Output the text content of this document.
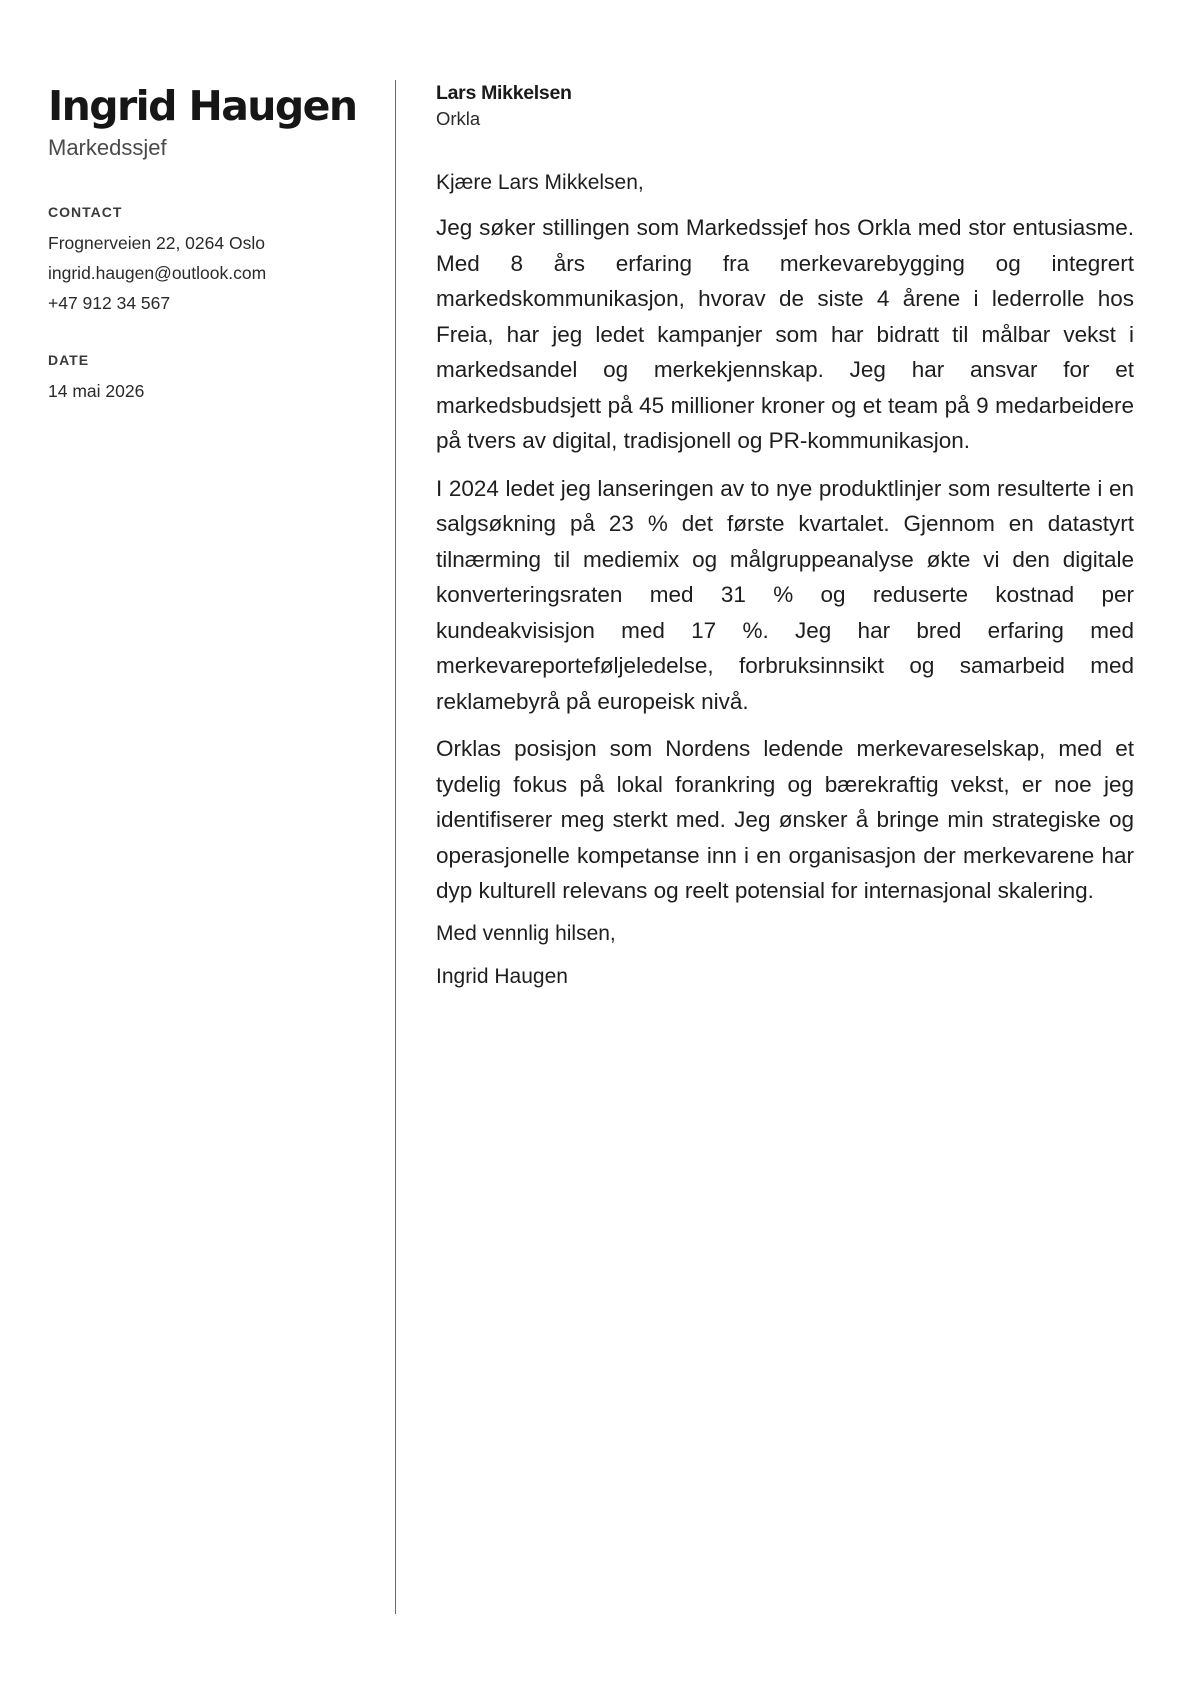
Ingrid Haugen
Markedssjef
CONTACT
Frognerveien 22, 0264 Oslo
ingrid.haugen@outlook.com
+47 912 34 567
DATE
14 mai 2026
Lars Mikkelsen
Orkla
Kjære Lars Mikkelsen,

Jeg søker stillingen som Markedssjef hos Orkla med stor entusiasme. Med 8 års erfaring fra merkevarebygging og integrert markedskommunikasjon, hvorav de siste 4 årene i lederrolle hos Freia, har jeg ledet kampanjer som har bidratt til målbar vekst i markedsandel og merkekjennskap. Jeg har ansvar for et markedsbudsjett på 45 millioner kroner og et team på 9 medarbeidere på tvers av digital, tradisjonell og PR-kommunikasjon.

I 2024 ledet jeg lanseringen av to nye produktlinjer som resulterte i en salgsøkning på 23 % det første kvartalet. Gjennom en datastyrt tilnærming til mediemix og målgruppeanalyse økte vi den digitale konverteringsraten med 31 % og reduserte kostnad per kundeakvisisjon med 17 %. Jeg har bred erfaring med merkevareporteføljeledelse, forbruksinnsikt og samarbeid med reklamebyrå på europeisk nivå.

Orklas posisjon som Nordens ledende merkevareselskap, med et tydelig fokus på lokal forankring og bærekraftig vekst, er noe jeg identifiserer meg sterkt med. Jeg ønsker å bringe min strategiske og operasjonelle kompetanse inn i en organisasjon der merkevarene har dyp kulturell relevans og reelt potensial for internasjonal skalering.

Med vennlig hilsen,
Ingrid Haugen
